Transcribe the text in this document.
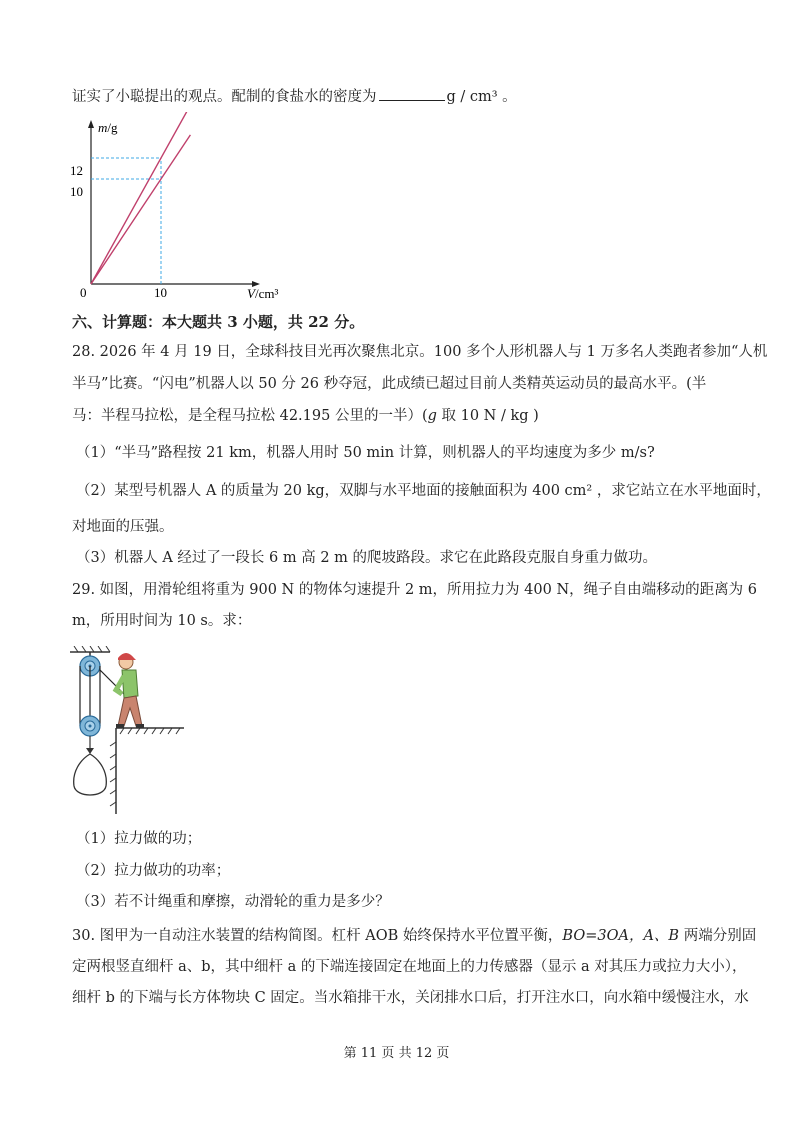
证实了小聪提出的观点。配制的食盐水的密度为	g / cm³ 。
m/g
V/cm³
0
12
10
10
六、计算题：本大题共 3 小题，共 22 分。
28. 2026 年 4 月 19 日，全球科技目光再次聚焦北京。100 多个人形机器人与 1 万多名人类跑者参加“人机
半马”比赛。“闪电”机器人以 50 分 26 秒夺冠，此成绩已超过目前人类精英运动员的最高水平。(半
马：半程马拉松，是全程马拉松 42.195 公里的一半）(g 取 10 N / kg )
（1）“半马”路程按 21 km，机器人用时 50 min 计算，则机器人的平均速度为多少 m/s?
（2）某型号机器人 A 的质量为 20 kg，双脚与水平地面的接触面积为 400 cm² ，求它站立在水平地面时，
对地面的压强。
（3）机器人 A 经过了一段长 6 m 高 2 m 的爬坡路段。求它在此路段克服自身重力做功。
29. 如图，用滑轮组将重为 900 N 的物体匀速提升 2 m，所用拉力为 400 N，绳子自由端移动的距离为 6
m，所用时间为 10 s。求：
（1）拉力做的功；
（2）拉力做功的功率；
（3）若不计绳重和摩擦，动滑轮的重力是多少？
30. 图甲为一自动注水装置的结构简图。杠杆 AOB 始终保持水平位置平衡，BO=3OA，A、B 两端分别固
定两根竖直细杆 a、b，其中细杆 a 的下端连接固定在地面上的力传感器（显示 a 对其压力或拉力大小），
细杆 b 的下端与长方体物块 C 固定。当水箱排干水，关闭排水口后，打开注水口，向水箱中缓慢注水，水
第 11 页 共 12 页
